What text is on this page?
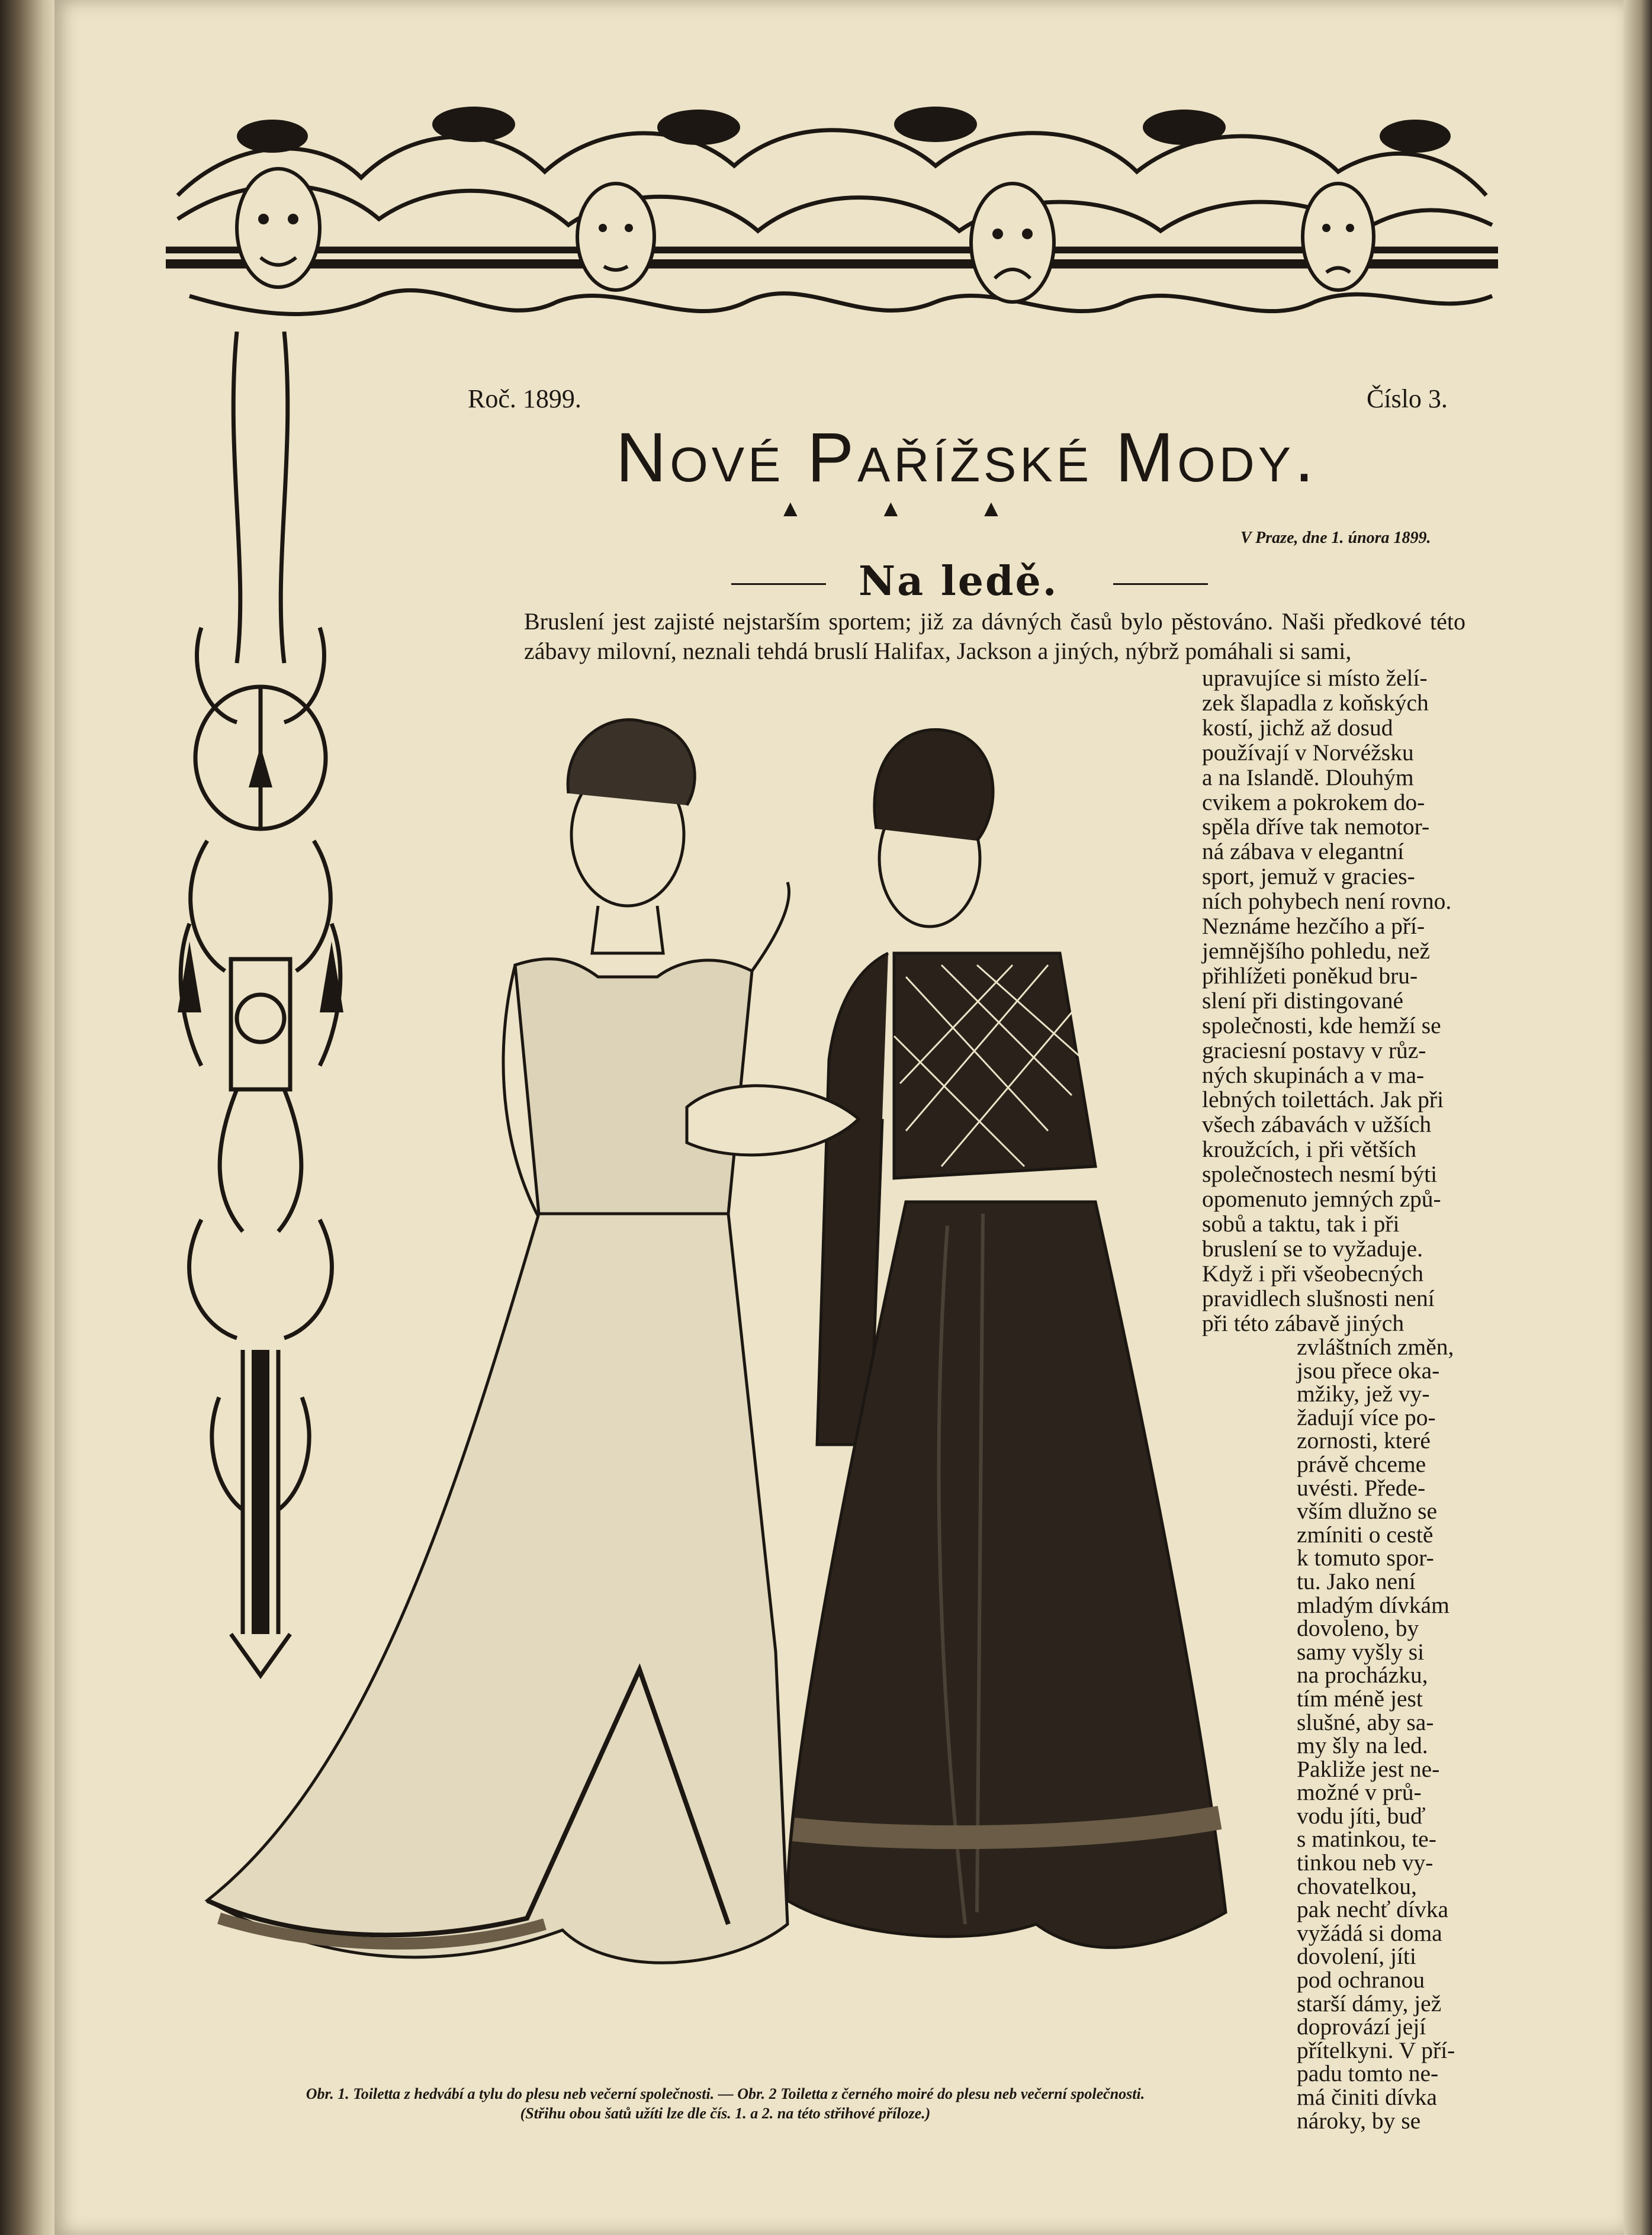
Roč. 1899.	Číslo 3.
Nové Pařížské Mody.
▲ ▲ ▲
V Praze, dne 1. února 1899.
Na ledě.
Bruslení jest zajisté nejstarším sportem; již za dávných časů bylo pěstováno. Naši předkové této zábavy milovní, neznali tehdá bruslí Halifax, Jackson a jiných, nýbrž pomáhali si sami,

upravujíce si místo želí-

zek šlapadla z koňských

kostí, jichž až dosud

používají v Norvéžsku

a na Islandě. Dlouhým

cvikem a pokrokem do-

spěla dříve tak nemotor-

ná zábava v elegantní

sport, jemuž v gracies-

ních pohybech není rovno.

Neznáme hezčího a pří-

jemnějšího pohledu, než

přihlížeti poněkud bru-

slení při distingované

společnosti, kde hemží se

graciesní postavy v růz-

ných skupinách a v ma-

lebných toilettách. Jak při

všech zábavách v užších

kroužcích, i při větších

společnostech nesmí býti

opomenuto jemných způ-

sobů a taktu, tak i při

bruslení se to vyžaduje.

Když i při všeobecných

pravidlech slušnosti není

při této zábavě jiných

zvláštních změn,

jsou přece oka-

mžiky, jež vy-

žadují více po-

zornosti, které

právě chceme

uvésti. Přede-

vším dlužno se

zmíniti o cestě

k tomuto spor-

tu. Jako není

mladým dívkám

dovoleno, by

samy vyšly si

na procházku,

tím méně jest

slušné, aby sa-

my šly na led.

Pakliže jest ne-

možné v prů-

vodu jíti, buď

s matinkou, te-

tinkou neb vy-

chovatelkou,

pak nechť dívka

vyžádá si doma

dovolení, jíti

pod ochranou

starší dámy, jež

doprovází její

přítelkyni. V pří-

padu tomto ne-

má činiti dívka

nároky, by se

Obr. 1. Toiletta z hedvábí a tylu do plesu neb večerní společnosti. — Obr. 2 Toiletta z černého moiré do plesu neb večerní společnosti.
(Střihu obou šatů užíti lze dle čís. 1. a 2. na této střihové příloze.)
